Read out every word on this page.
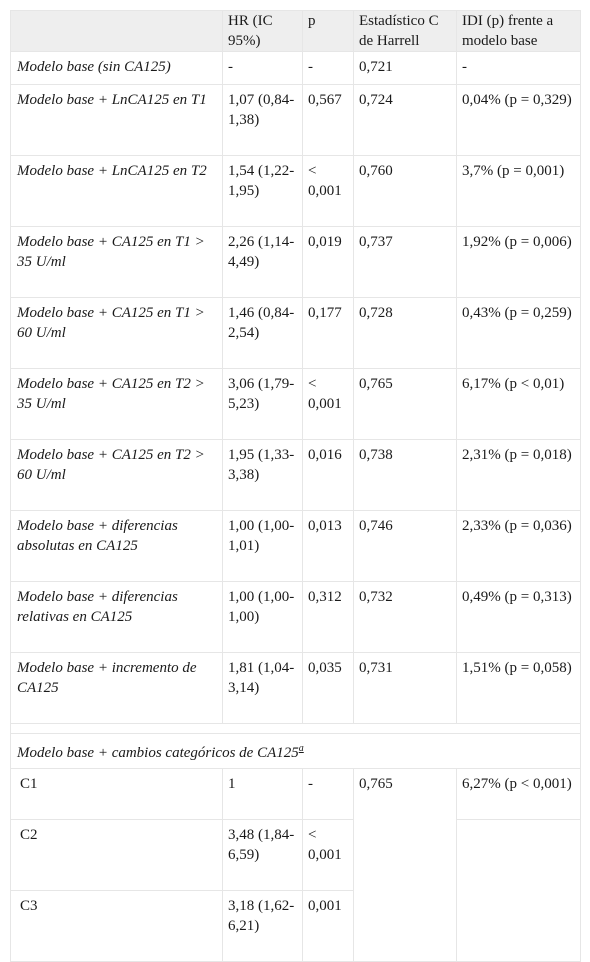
	HR (IC 95%)	p	Estadístico C de Harrell	IDI (p) frente a modelo base
Modelo base (sin CA125)	-	-	0,721	-
Modelo base + LnCA125 en T1	1,07 (0,84-1,38)	0,567	0,724	0,04% (p = 0,329)
Modelo base + LnCA125 en T2	1,54 (1,22-1,95)	< 0,001	0,760	3,7% (p = 0,001)
Modelo base + CA125 en T1 > 35 U/ml	2,26 (1,14-4,49)	0,019	0,737	1,92% (p = 0,006)
Modelo base + CA125 en T1 > 60 U/ml	1,46 (0,84-2,54)	0,177	0,728	0,43% (p = 0,259)
Modelo base + CA125 en T2 > 35 U/ml	3,06 (1,79-5,23)	< 0,001	0,765	6,17% (p < 0,01)
Modelo base + CA125 en T2 > 60 U/ml	1,95 (1,33-3,38)	0,016	0,738	2,31% (p = 0,018)
Modelo base + diferencias absolutas en CA125	1,00 (1,00-1,01)	0,013	0,746	2,33% (p = 0,036)
Modelo base + diferencias relativas en CA125	1,00 (1,00-1,00)	0,312	0,732	0,49% (p = 0,313)
Modelo base + incremento de CA125	1,81 (1,04-3,14)	0,035	0,731	1,51% (p = 0,058)

Modelo base + cambios categóricos de CA125$^a$
C1	1	-	0,765	6,27% (p < 0,001)
C2	3,48 (1,84-6,59)	< 0,001		
C3	3,18 (1,62-6,21)	0,001		
